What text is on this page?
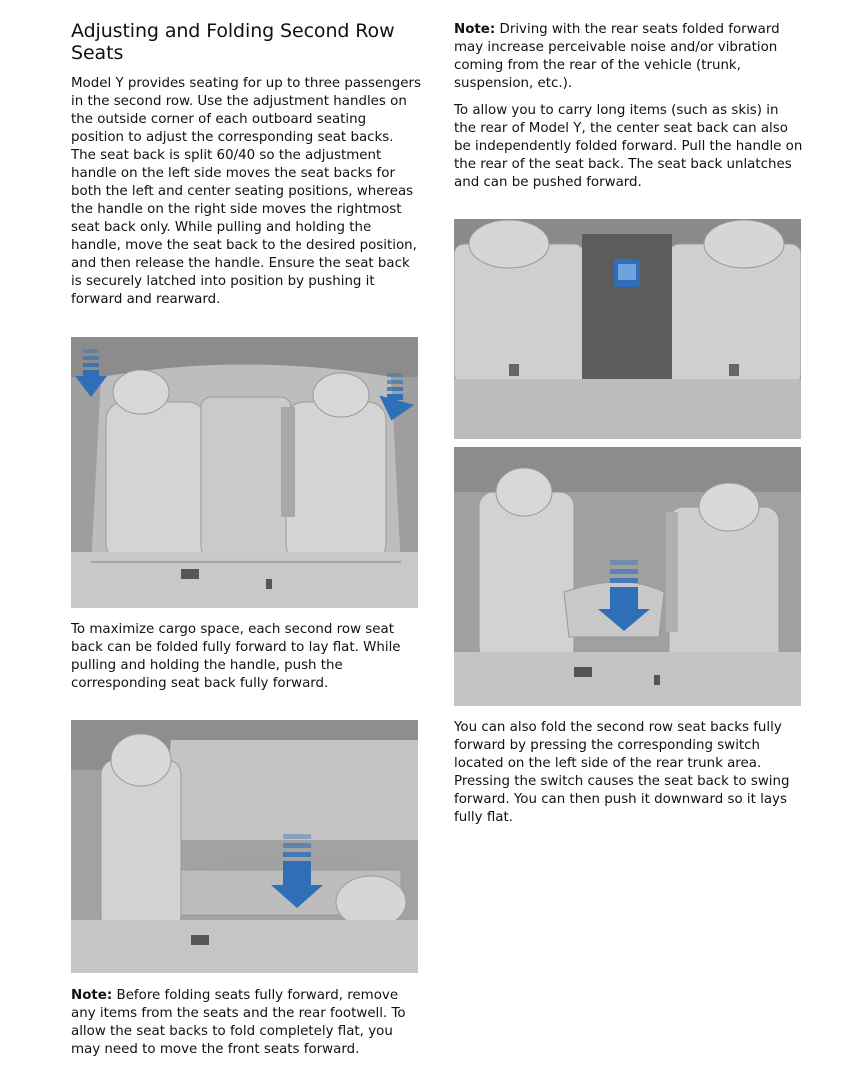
Adjusting and Folding Second Row Seats

Model Y provides seating for up to three passengers in the second row. Use the adjustment handles on the outside corner of each outboard seating position to adjust the corresponding seat backs. The seat back is split 60/40 so the adjustment handle on the left side moves the seat backs for both the left and center seating positions, whereas the handle on the right side moves the rightmost seat back only. While pulling and holding the handle, move the seat back to the desired position, and then release the handle. Ensure the seat back is securely latched into position by pushing it forward and rearward.

To maximize cargo space, each second row seat back can be folded fully forward to lay flat. While pulling and holding the handle, push the corresponding seat back fully forward.

Note: Before folding seats fully forward, remove any items from the seats and the rear footwell. To allow the seat backs to fold completely flat, you may need to move the front seats forward.

Note: Driving with the rear seats folded forward may increase perceivable noise and/or vibration coming from the rear of the vehicle (trunk, suspension, etc.).

To allow you to carry long items (such as skis) in the rear of Model Y, the center seat back can also be independently folded forward. Pull the handle on the rear of the seat back. The seat back unlatches and can be pushed forward.

You can also fold the second row seat backs fully forward by pressing the corresponding switch located on the left side of the rear trunk area. Pressing the switch causes the seat back to swing forward. You can then push it downward so it lays fully flat.
